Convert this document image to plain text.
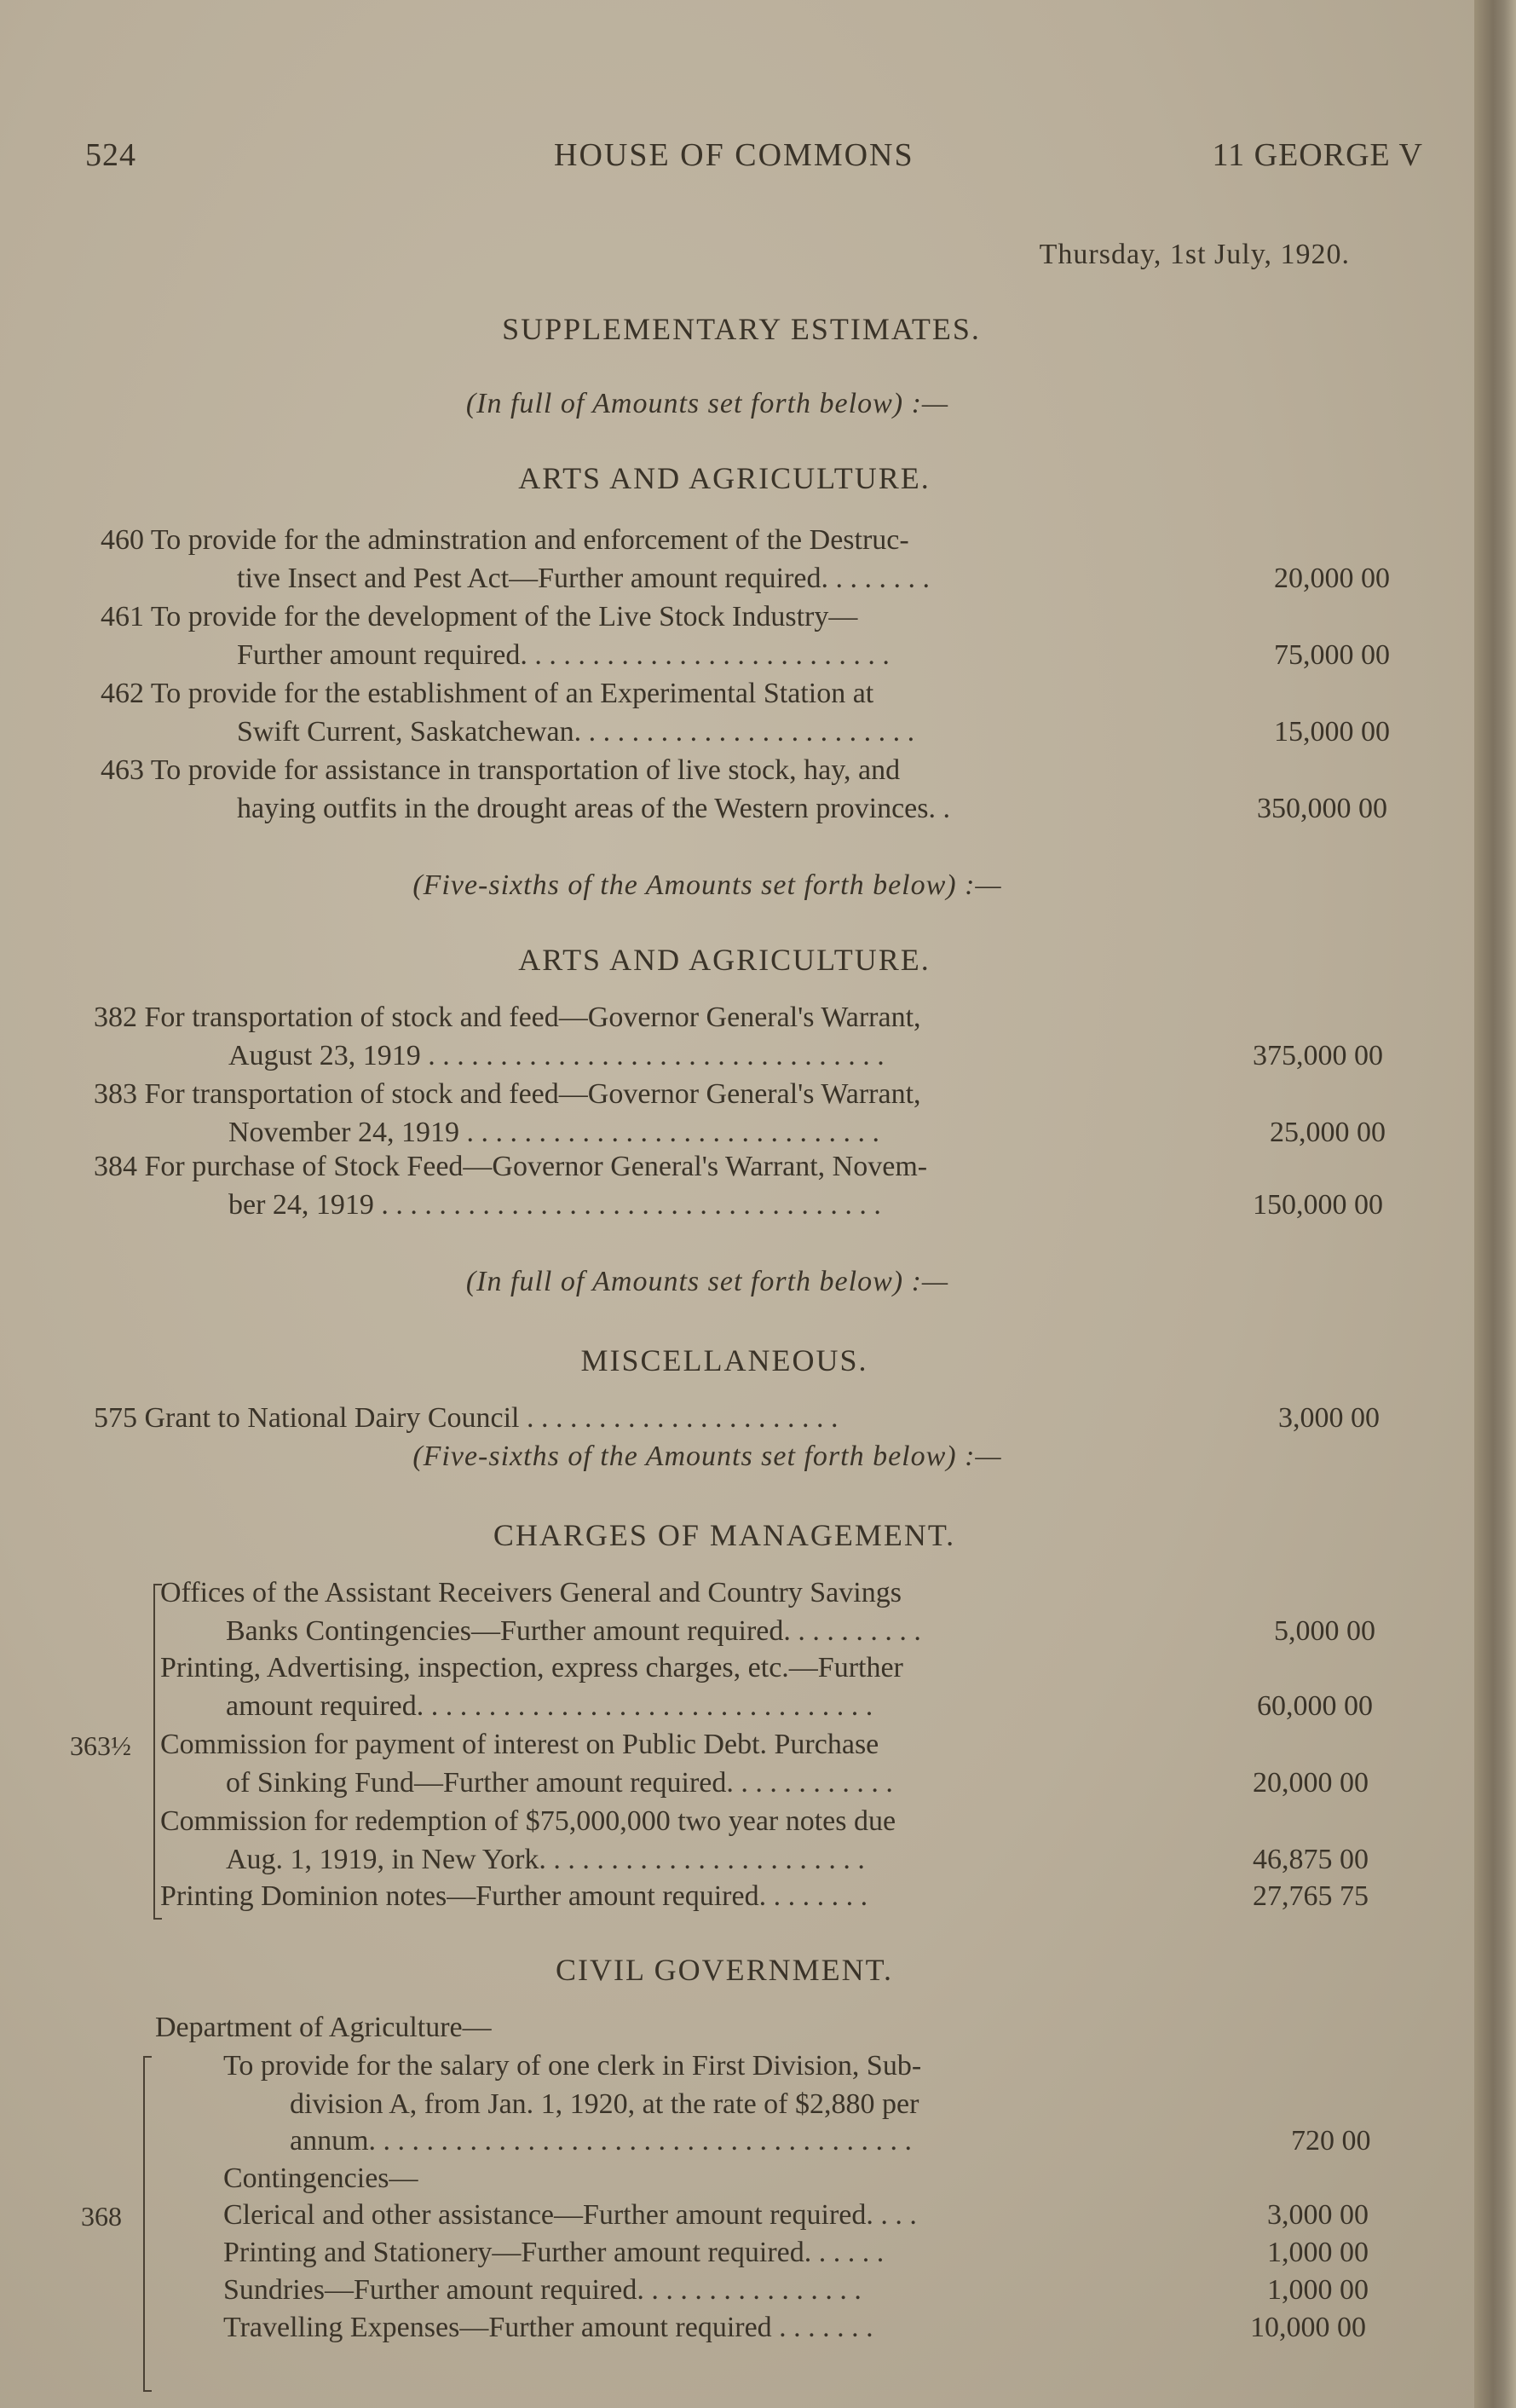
524	HOUSE OF COMMONS	11 GEORGE V
Thursday, 1st July, 1920.
SUPPLEMENTARY ESTIMATES.
(In full of Amounts set forth below) :—
ARTS AND AGRICULTURE.
460 To provide for the adminstration and enforcement of the Destruc-
tive Insect and Pest Act—Further amount required. . . . . . . .	20,000 00
461 To provide for the development of the Live Stock Industry—
Further amount required. . . . . . . . . . . . . . . . . . . . . . . . . .	75,000 00
462 To provide for the establishment of an Experimental Station at
Swift Current, Saskatchewan. . . . . . . . . . . . . . . . . . . . . . . .	15,000 00
463 To provide for assistance in transportation of live stock, hay, and
haying outfits in the drought areas of the Western provinces. .	350,000 00
(Five-sixths of the Amounts set forth below) :—
ARTS AND AGRICULTURE.
382 For transportation of stock and feed—Governor General's Warrant,
August 23, 1919 . . . . . . . . . . . . . . . . . . . . . . . . . . . . . . . .	375,000 00
383 For transportation of stock and feed—Governor General's Warrant,
November 24, 1919 . . . . . . . . . . . . . . . . . . . . . . . . . . . . .	25,000 00
384 For purchase of Stock Feed—Governor General's Warrant, Novem-
ber 24, 1919 . . . . . . . . . . . . . . . . . . . . . . . . . . . . . . . . . . .	150,000 00
(In full of Amounts set forth below) :—
MISCELLANEOUS.
575 Grant to National Dairy Council . . . . . . . . . . . . . . . . . . . . . .	3,000 00
(Five-sixths of the Amounts set forth below) :—
CHARGES OF MANAGEMENT.
363½
Offices of the Assistant Receivers General and Country Savings
Banks Contingencies—Further amount required. . . . . . . . . .	5,000 00
Printing, Advertising, inspection, express charges, etc.—Further
amount required. . . . . . . . . . . . . . . . . . . . . . . . . . . . . . . .	60,000 00
Commission for payment of interest on Public Debt. Purchase
of Sinking Fund—Further amount required. . . . . . . . . . . .	20,000 00
Commission for redemption of $75,000,000 two year notes due
Aug. 1, 1919, in New York. . . . . . . . . . . . . . . . . . . . . . .	46,875 00
Printing Dominion notes—Further amount required. . . . . . . .	27,765 75
CIVIL GOVERNMENT.
Department of Agriculture—
368
To provide for the salary of one clerk in First Division, Sub-
division A, from Jan. 1, 1920, at the rate of $2,880 per
annum. . . . . . . . . . . . . . . . . . . . . . . . . . . . . . . . . . . . . .	720 00
Contingencies—
Clerical and other assistance—Further amount required. . . .	3,000 00
Printing and Stationery—Further amount required. . . . . .	1,000 00
Sundries—Further amount required. . . . . . . . . . . . . . . .	1,000 00
Travelling Expenses—Further amount required . . . . . . .	10,000 00
